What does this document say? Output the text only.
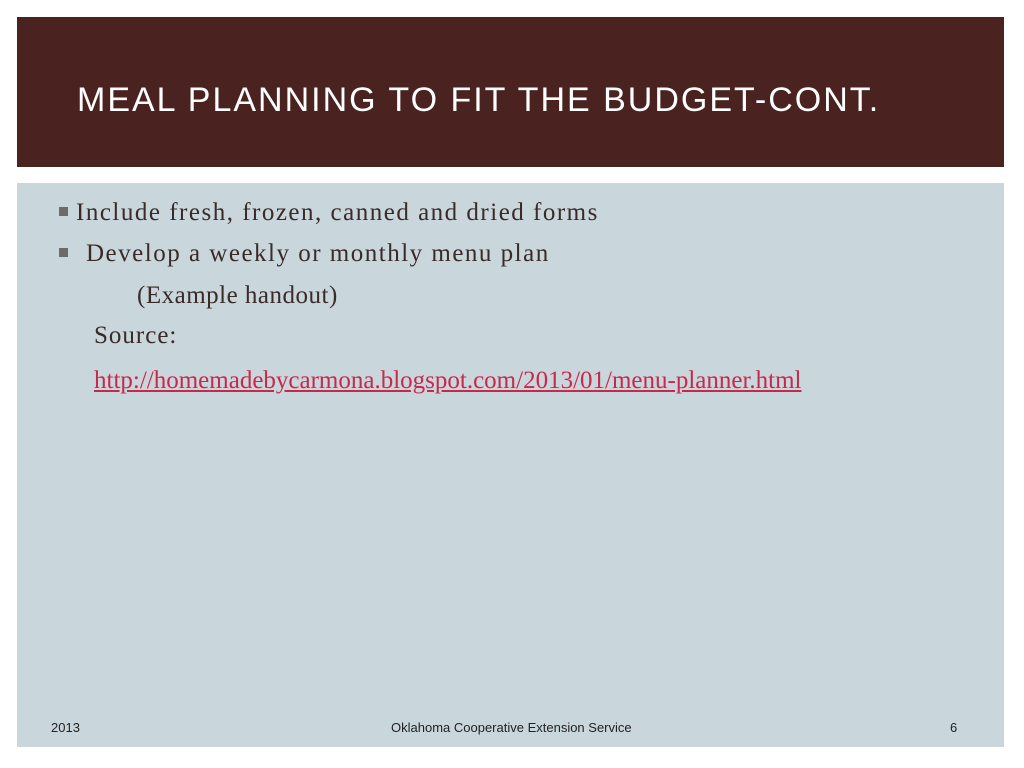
MEAL PLANNING TO FIT THE BUDGET-CONT.
Include fresh, frozen, canned and dried forms
Develop a weekly or monthly menu plan
(Example handout)
Source:
http://homemadebycarmona.blogspot.com/2013/01/menu-planner.html
2013	Oklahoma Cooperative Extension Service	6
